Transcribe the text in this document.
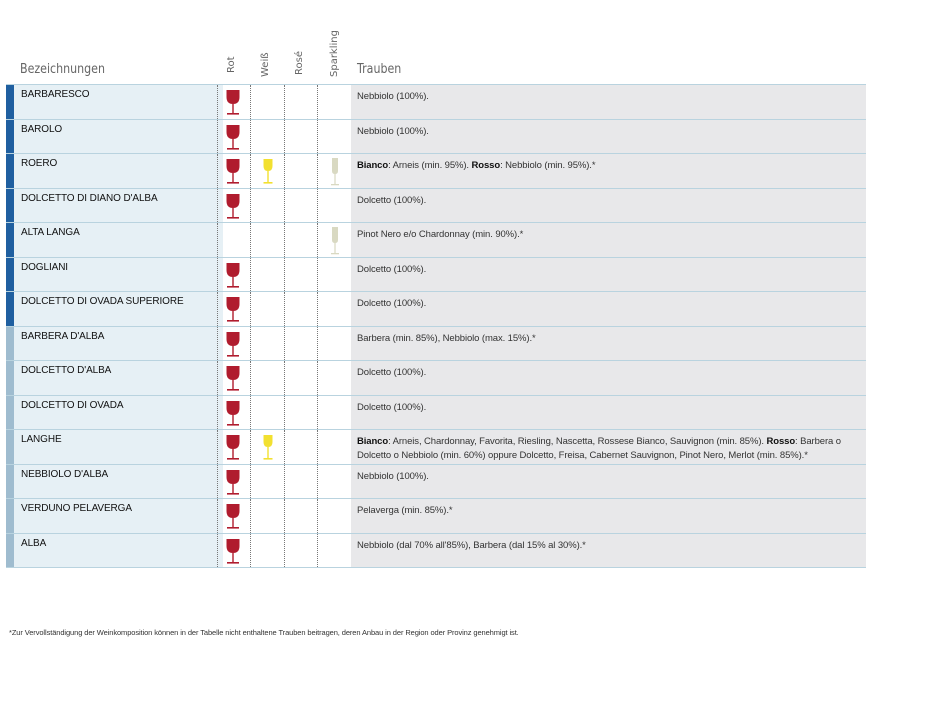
Bezeichnungen	Rot Weiß Rosé Sparkling Trauben
BARBARESCO	Nebbiolo (100%).
BAROLO	Nebbiolo (100%).
ROERO	Bianco: Arneis (min. 95%). Rosso: Nebbiolo (min. 95%).*
DOLCETTO DI DIANO D'ALBA	Dolcetto (100%).
ALTA LANGA	Pinot Nero e/o Chardonnay (min. 90%).*
DOGLIANI	Dolcetto (100%).
DOLCETTO DI OVADA SUPERIORE	Dolcetto (100%).
BARBERA D'ALBA	Barbera (min. 85%), Nebbiolo (max. 15%).*
DOLCETTO D'ALBA	Dolcetto (100%).
DOLCETTO DI OVADA	Dolcetto (100%).
LANGHE	Bianco: Arneis, Chardonnay, Favorita, Riesling, Nascetta, Rossese Bianco, Sauvignon (min. 85%). Rosso: Barbera o Dolcetto o Nebbiolo (min. 60%) oppure Dolcetto, Freisa, Cabernet Sauvignon, Pinot Nero, Merlot (min. 85%).*
NEBBIOLO D'ALBA	Nebbiolo (100%).
VERDUNO PELAVERGA	Pelaverga (min. 85%).*
ALBA	Nebbiolo (dal 70% all'85%), Barbera (dal 15% al 30%).*
*Zur Vervollständigung der Weinkomposition können in der Tabelle nicht enthaltene Trauben beitragen, deren Anbau in der Region oder Provinz genehmigt ist.
